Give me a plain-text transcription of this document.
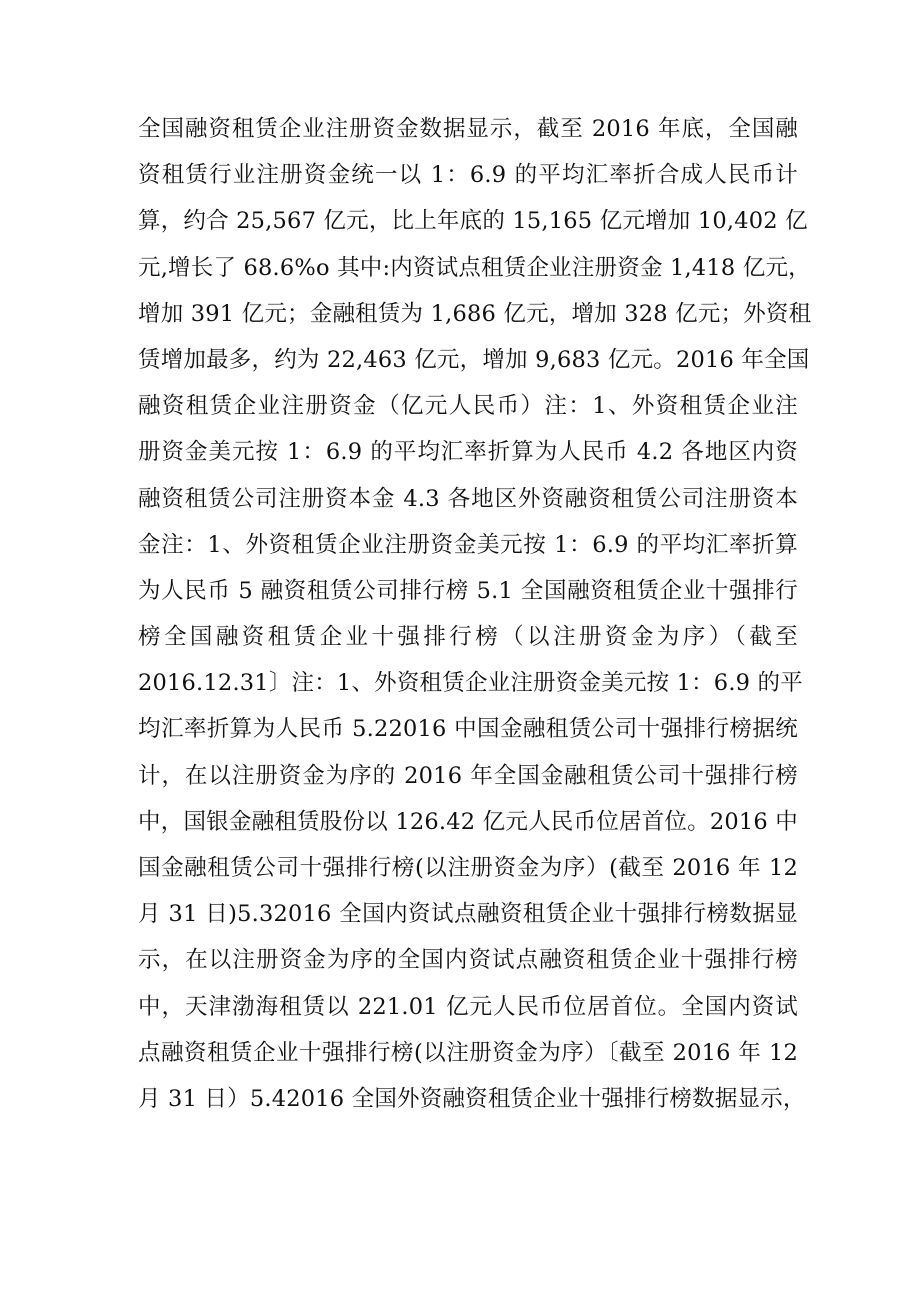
全国融资租赁企业注册资金数据显示，截至 2016 年底，全国融
资租赁行业注册资金统一以 1：6.9 的平均汇率折合成人民币计
算，约合 25,567 亿元，比上年底的 15,165 亿元增加 10,402 亿
元,增长了 68.6%o 其中:内资试点租赁企业注册资金 1,418 亿元，
增加 391 亿元；金融租赁为 1,686 亿元，增加 328 亿元；外资租
赁增加最多，约为 22,463 亿元，增加 9,683 亿元。2016 年全国
融资租赁企业注册资金（亿元人民币）注：1、外资租赁企业注
册资金美元按 1：6.9 的平均汇率折算为人民币 4.2 各地区内资
融资租赁公司注册资本金 4.3 各地区外资融资租赁公司注册资本
金注：1、外资租赁企业注册资金美元按 1：6.9 的平均汇率折算
为人民币 5 融资租赁公司排行榜 5.1 全国融资租赁企业十强排行
榜全国融资租赁企业十强排行榜（以注册资金为序）（截至
2016.12.31〕注：1、外资租赁企业注册资金美元按 1：6.9 的平
均汇率折算为人民币 5.22016 中国金融租赁公司十强排行榜据统
计，在以注册资金为序的 2016 年全国金融租赁公司十强排行榜
中，国银金融租赁股份以 126.42 亿元人民币位居首位。2016 中
国金融租赁公司十强排行榜(以注册资金为序）(截至 2016 年 12
月 31 日)5.32016 全国内资试点融资租赁企业十强排行榜数据显
示，在以注册资金为序的全国内资试点融资租赁企业十强排行榜
中，天津渤海租赁以 221.01 亿元人民币位居首位。全国内资试
点融资租赁企业十强排行榜(以注册资金为序）〔截至 2016 年 12
月 31 日）5.42016 全国外资融资租赁企业十强排行榜数据显示，
